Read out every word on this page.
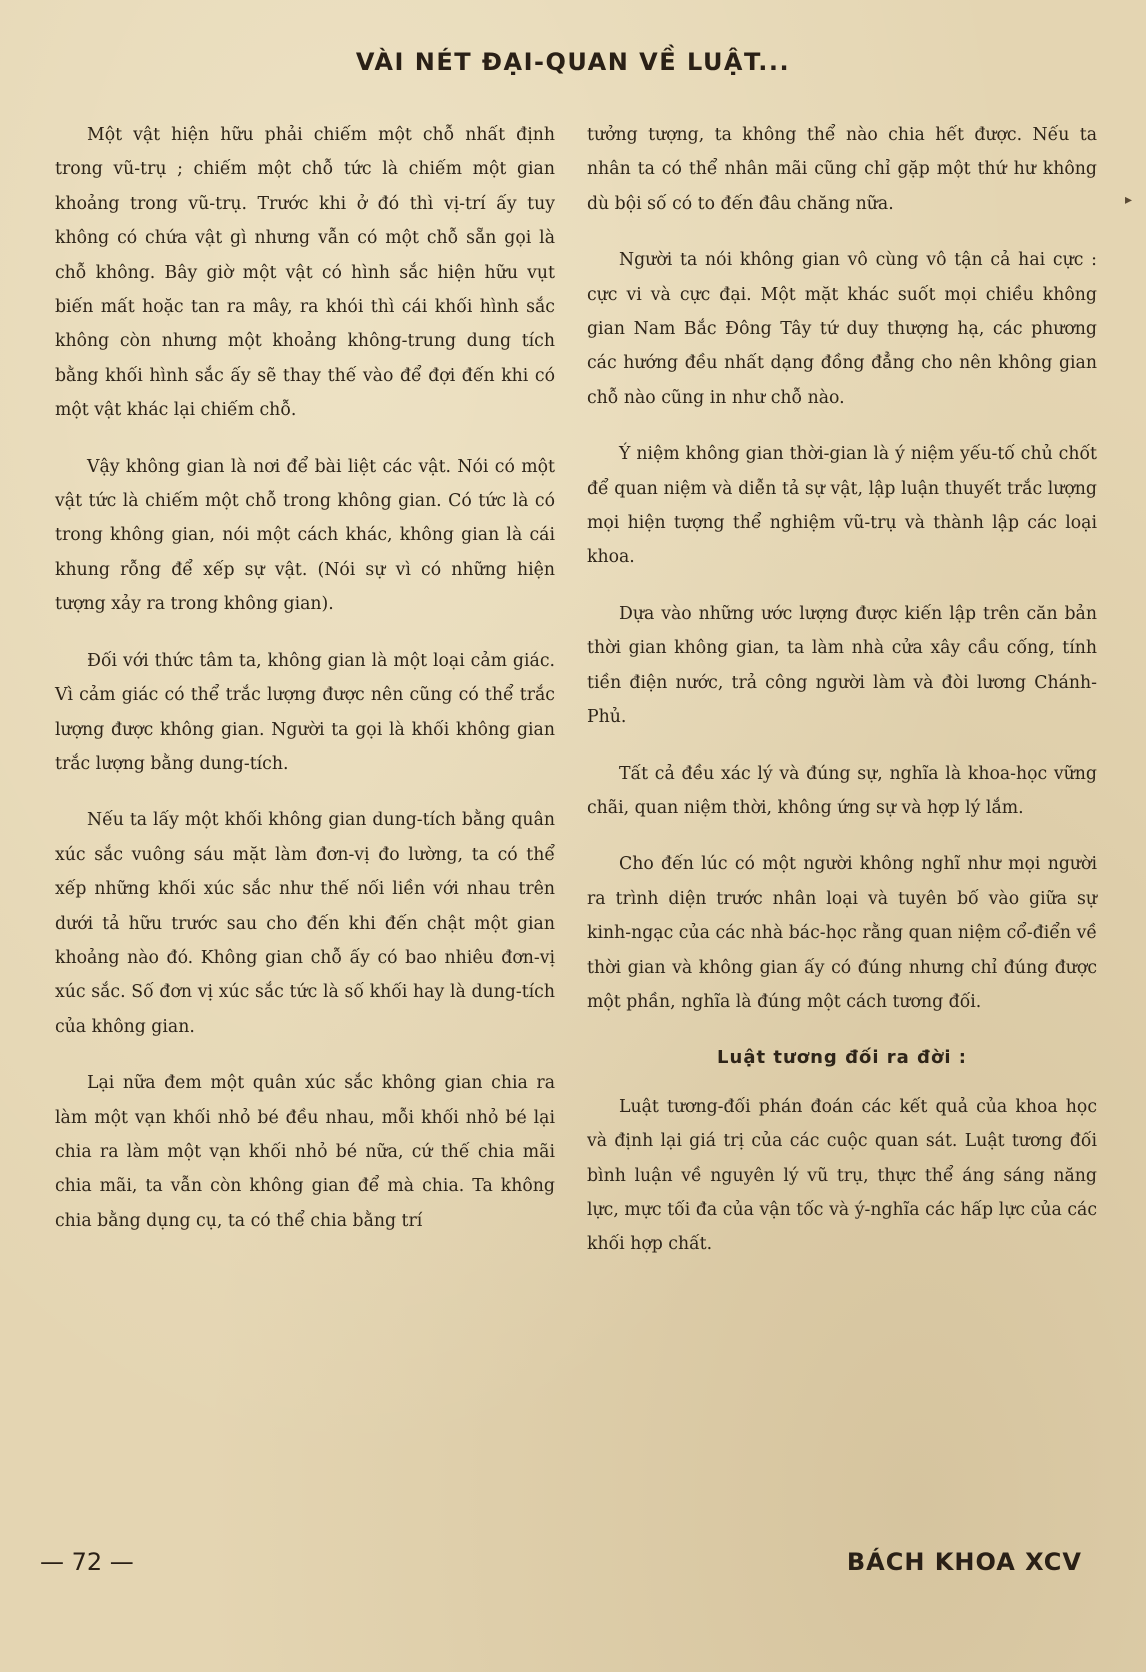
VÀI NÉT ĐẠI-QUAN VỀ LUẬT...

Một vật hiện hữu phải chiếm một chỗ nhất định trong vũ-trụ ; chiếm một chỗ tức là chiếm một gian khoảng trong vũ-trụ. Trước khi ở đó thì vị-trí ấy tuy không có chứa vật gì nhưng vẫn có một chỗ sẵn gọi là chỗ không. Bây giờ một vật có hình sắc hiện hữu vụt biến mất hoặc tan ra mây, ra khói thì cái khối hình sắc không còn nhưng một khoảng không-trung dung tích bằng khối hình sắc ấy sẽ thay thế vào để đợi đến khi có một vật khác lại chiếm chỗ.

Vậy không gian là nơi để bài liệt các vật. Nói có một vật tức là chiếm một chỗ trong không gian. Có tức là có trong không gian, nói một cách khác, không gian là cái khung rỗng để xếp sự vật. (Nói sự vì có những hiện tượng xảy ra trong không gian).

Đối với thức tâm ta, không gian là một loại cảm giác. Vì cảm giác có thể trắc lượng được nên cũng có thể trắc lượng được không gian. Người ta gọi là khối không gian trắc lượng bằng dung-tích.

Nếu ta lấy một khối không gian dung-tích bằng quân xúc sắc vuông sáu mặt làm đơn-vị đo lường, ta có thể xếp những khối xúc sắc như thế nối liền với nhau trên dưới tả hữu trước sau cho đến khi đến chật một gian khoảng nào đó. Không gian chỗ ấy có bao nhiêu đơn-vị xúc sắc. Số đơn vị xúc sắc tức là số khối hay là dung-tích của không gian.

Lại nữa đem một quân xúc sắc không gian chia ra làm một vạn khối nhỏ bé đều nhau, mỗi khối nhỏ bé lại chia ra làm một vạn khối nhỏ bé nữa, cứ thế chia mãi chia mãi, ta vẫn còn không gian để mà chia. Ta không chia bằng dụng cụ, ta có thể chia bằng trí

tưởng tượng, ta không thể nào chia hết được. Nếu ta nhân ta có thể nhân mãi cũng chỉ gặp một thứ hư không dù bội số có to đến đâu chăng nữa.

Người ta nói không gian vô cùng vô tận cả hai cực : cực vi và cực đại. Một mặt khác suốt mọi chiều không gian Nam Bắc Đông Tây tứ duy thượng hạ, các phương các hướng đều nhất dạng đồng đẳng cho nên không gian chỗ nào cũng in như chỗ nào.

Ý niệm không gian thời-gian là ý niệm yếu-tố chủ chốt để quan niệm và diễn tả sự vật, lập luận thuyết trắc lượng mọi hiện tượng thể nghiệm vũ-trụ và thành lập các loại khoa.

Dựa vào những ước lượng được kiến lập trên căn bản thời gian không gian, ta làm nhà cửa xây cầu cống, tính tiền điện nước, trả công người làm và đòi lương Chánh-Phủ.

Tất cả đều xác lý và đúng sự, nghĩa là khoa-học vững chãi, quan niệm thời, không ứng sự và hợp lý lắm.

Cho đến lúc có một người không nghĩ như mọi người ra trình diện trước nhân loại và tuyên bố vào giữa sự kinh-ngạc của các nhà bác-học rằng quan niệm cổ-điển về thời gian và không gian ấy có đúng nhưng chỉ đúng được một phần, nghĩa là đúng một cách tương đối.

Luật tương đối ra đời :

Luật tương-đối phán đoán các kết quả của khoa học và định lại giá trị của các cuộc quan sát. Luật tương đối bình luận về nguyên lý vũ trụ, thực thể áng sáng năng lực, mực tối đa của vận tốc và ý-nghĩa các hấp lực của các khối hợp chất.

— 72 —	BÁCH KHOA XCV
▸
